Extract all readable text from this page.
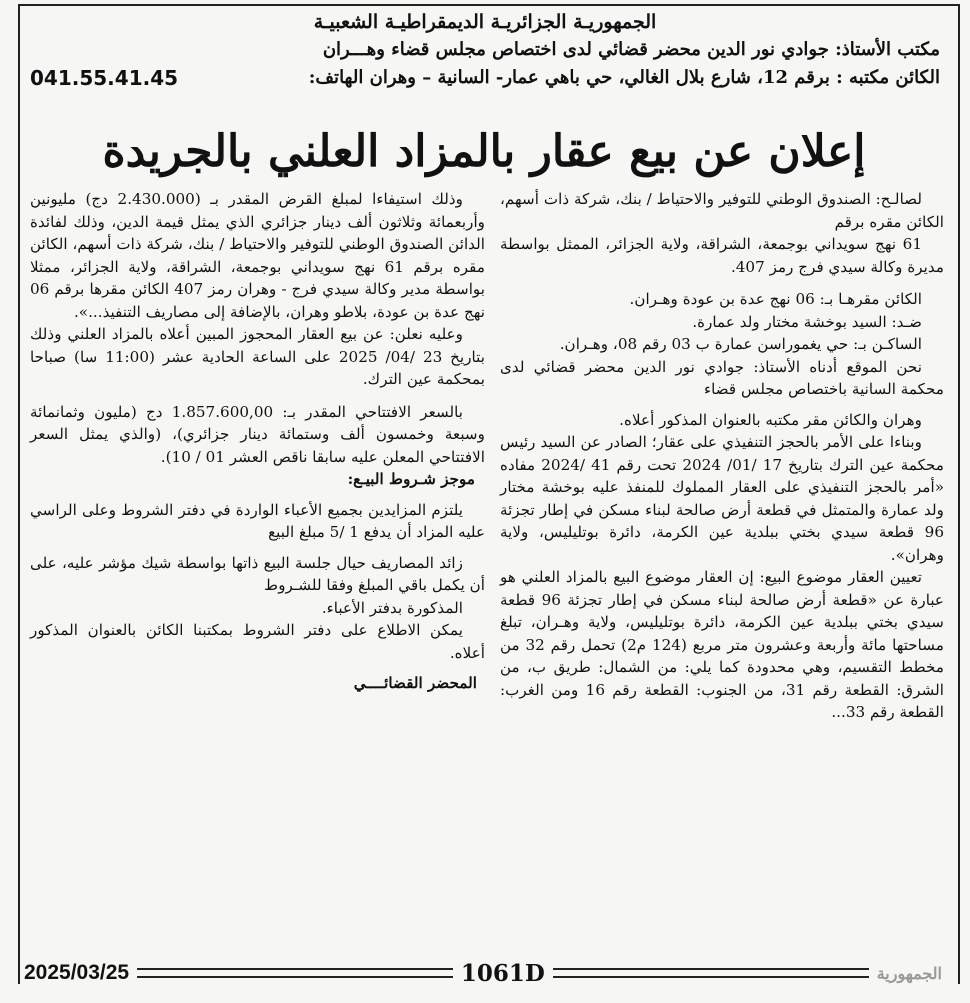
الجمهوريـة الجزائريـة الديمقراطيـة الشعبيـة
مكتب الأستاذ: جوادي نور الدين محضر قضائي لدى اختصاص مجلس قضاء وهـــران
الكائن مكتبه : برقم 12، شارع بلال الغالي، حي باهي عمار- السانية – وهران الهاتف:
041.55.41.45
إعلان عن بيع عقار بالمزاد العلني بالجريدة

لصالـح: الصندوق الوطني للتوفير والاحتياط / بنك، شركة ذات أسهم، الكائن مقره برقم

61 نهج سويداني بوجمعة، الشراقة، ولاية الجزائر، الممثل بواسطة مديرة وكالة سيدي فرج رمز 407.

الكائن مقرهـا بـ: 06 نهج عدة بن عودة وهـران.

ضـد: السيد بوخشة مختار ولد عمارة.

الساكـن بـ: حي يغموراسن عمارة ب 03 رقم 08، وهـران.

نحن الموقع أدناه الأستاذ: جوادي نور الدين محضر قضائي لدى محكمة السانية باختصاص مجلس قضاء

وهران والكائن مقر مكتبه بالعنوان المذكور أعلاه.

وبناءا على الأمر بالحجز التنفيذي على عقار؛ الصادر عن السيد رئيس محكمة عين الترك بتاريخ 17 /01/ 2024 تحت رقم 41 /2024 مفاده «أمر بالحجز التنفيذي على العقار المملوك للمنفذ عليه بوخشة مختار ولد عمارة والمتمثل في قطعة أرض صالحة لبناء مسكن في إطار تجزئة 96 قطعة سيدي بختي ببلدية عين الكرمة، دائرة بوتليليس، ولاية وهران».

تعيين العقار موضوع البيع: إن العقار موضوع البيع بالمزاد العلني هو عبارة عن «قطعة أرض صالحة لبناء مسكن في إطار تجزئة 96 قطعة سيدي بختي ببلدية عين الكرمة، دائرة بوتليليس، ولاية وهـران، تبلغ مساحتها مائة وأربعة وعشرون متر مربع (124 م2) تحمل رقم 32 من مخطط التقسيم، وهي محدودة كما يلي: من الشمال: طريق ب، من الشرق: القطعة رقم 31، من الجنوب: القطعة رقم 16 ومن الغرب: القطعة رقم 33...

وذلك استيفاءا لمبلغ القرض المقدر بـ (2.430.000 دج) مليونين وأربعمائة وثلاثون ألف دينار جزائري الذي يمثل قيمة الدين، وذلك لفائدة الدائن الصندوق الوطني للتوفير والاحتياط / بنك، شركة ذات أسهم، الكائن مقره برقم 61 نهج سويداني بوجمعة، الشراقة، ولاية الجزائر، ممثلا بواسطة مدير وكالة سيدي فرج - وهران رمز 407 الكائن مقرها برقم 06 نهج عدة بن عودة، بلاطو وهران، بالإضافة إلى مصاريف التنفيذ...».

وعليه نعلن: عن بيع العقار المحجوز المبين أعلاه بالمزاد العلني وذلك بتاريخ 23 /04/ 2025 على الساعة الحادية عشر (11:00 سا) صباحا بمحكمة عين الترك.

بالسعر الافتتاحي المقدر بـ: 1.857.600,00 دج (مليون وثمانمائة وسبعة وخمسون ألف وستمائة دينار جزائري)، (والذي يمثل السعر الافتتاحي المعلن عليه سابقا ناقص العشر 01 / 10).

موجز شـروط البيـع:

يلتزم المزايدين بجميع الأعباء الواردة في دفتر الشروط وعلى الراسي عليه المزاد أن يدفع 1 /5 مبلغ البيع

زائد المصاريف حيال جلسة البيع ذاتها بواسطة شيك مؤشر عليه، على أن يكمل باقي المبلغ وفقا للشـروط

المذكورة بدفتر الأعباء.

يمكن الاطلاع على دفتر الشروط بمكتبنا الكائن بالعنوان المذكور أعلاه.

المحضر القضائــــي

2025/03/25	1061D	الجمهورية
